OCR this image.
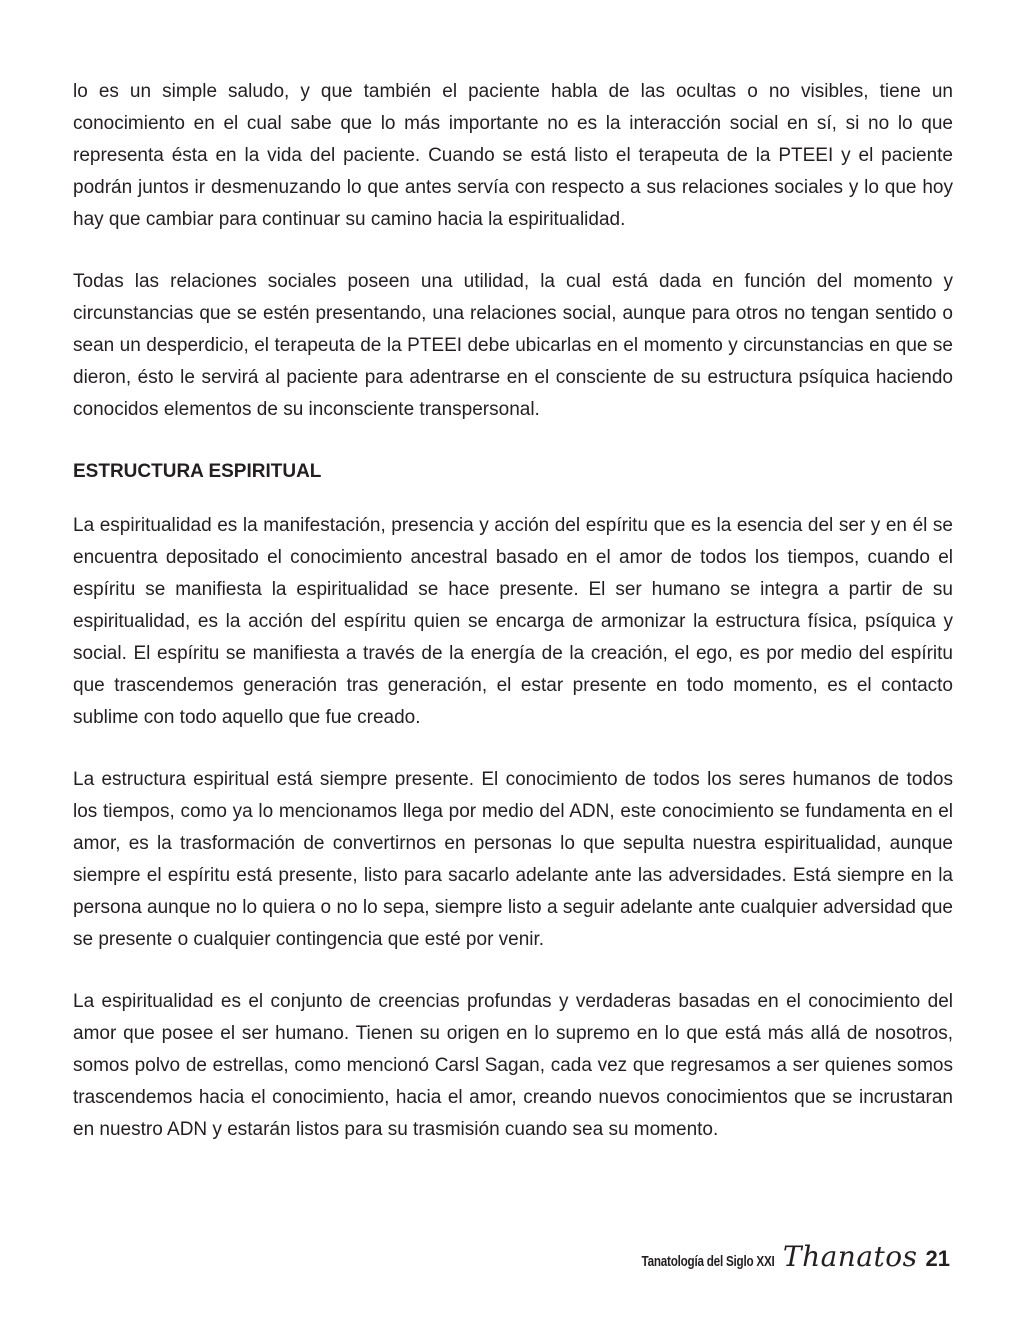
lo es un simple saludo, y que también el paciente habla de las ocultas o no visibles, tiene un conocimiento en el cual sabe que lo más importante no es la interacción social en sí, si no lo que representa ésta en la vida del paciente. Cuando se está listo el terapeuta de la PTEEI y el paciente podrán juntos ir desmenuzando lo que antes servía con respecto a sus relaciones sociales y lo que hoy hay que cambiar para continuar su camino hacia la espiritualidad.

Todas las relaciones sociales poseen una utilidad, la cual está dada en función del momento y circunstancias que se estén presentando, una relaciones social, aunque para otros no tengan sentido o sean un desperdicio, el terapeuta de la PTEEI debe ubicarlas en el momento y circunstancias en que se dieron, ésto le servirá al paciente para adentrarse en el consciente de su estructura psíquica haciendo conocidos elementos de su inconsciente transpersonal.

ESTRUCTURA ESPIRITUAL

La espiritualidad es la manifestación, presencia y acción del espíritu que es la esencia del ser y en él se encuentra depositado el conocimiento ancestral basado en el amor de todos los tiempos, cuando el espíritu se manifiesta la espiritualidad se hace presente. El ser humano se integra a partir de su espiritualidad, es la acción del espíritu quien se encarga de armonizar la estructura física, psíquica y social. El espíritu se manifiesta a través de la energía de la creación, el ego, es por medio del espíritu que trascendemos generación tras generación, el estar presente en todo momento, es el contacto sublime con todo aquello que fue creado.

La estructura espiritual está siempre presente. El conocimiento de todos los seres humanos de todos los tiempos, como ya lo mencionamos llega por medio del ADN, este conocimiento se fundamenta en el amor, es la trasformación de convertirnos en personas lo que sepulta nuestra espiritualidad, aunque siempre el espíritu está presente, listo para sacarlo adelante ante las adversidades. Está siempre en la persona aunque no lo quiera o no lo sepa, siempre listo a seguir adelante ante cualquier adversidad que se presente o cualquier contingencia que esté por venir.

La espiritualidad es el conjunto de creencias profundas y verdaderas basadas en el conocimiento del amor que posee el ser humano. Tienen su origen en lo supremo en lo que está más allá de nosotros, somos polvo de estrellas, como mencionó Carsl Sagan, cada vez que regresamos a ser quienes somos trascendemos hacia el conocimiento, hacia el amor, creando nuevos conocimientos que se incrustaran en nuestro ADN y estarán listos para su trasmisión cuando sea su momento.

Tanatología del Siglo XXI Thanatos 21
